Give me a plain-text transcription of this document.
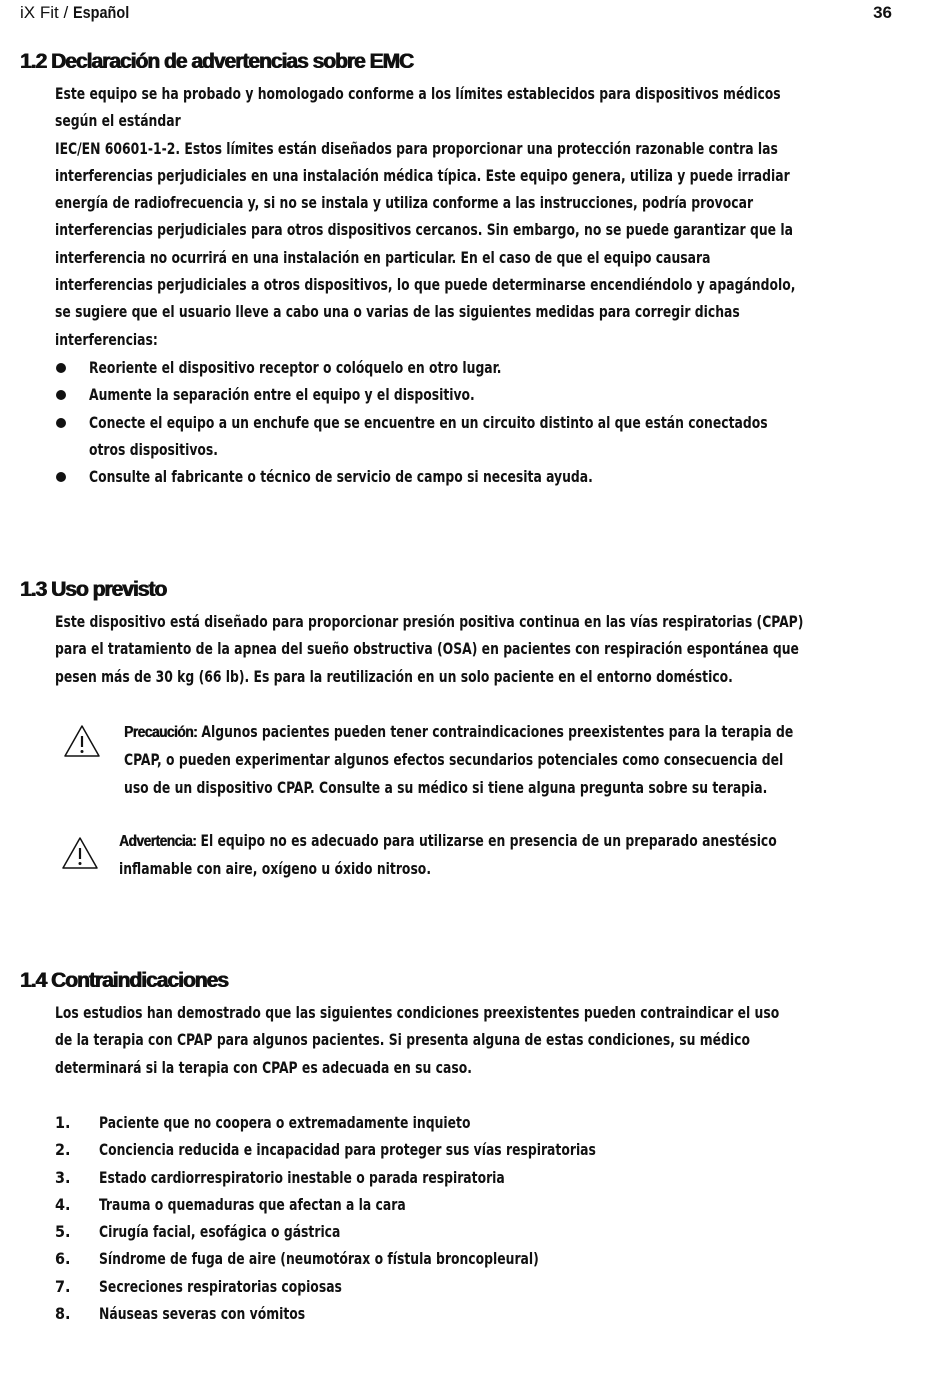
iX Fit / Español	36
1.2 Declaración de advertencias sobre EMC
Este equipo se ha probado y homologado conforme a los límites establecidos para dispositivos médicos
según el estándar
IEC/EN 60601-1-2. Estos límites están diseñados para proporcionar una protección razonable contra las
interferencias perjudiciales en una instalación médica típica. Este equipo genera, utiliza y puede irradiar
energía de radiofrecuencia y, si no se instala y utiliza conforme a las instrucciones, podría provocar
interferencias perjudiciales para otros dispositivos cercanos. Sin embargo, no se puede garantizar que la
interferencia no ocurrirá en una instalación en particular. En el caso de que el equipo causara
interferencias perjudiciales a otros dispositivos, lo que puede determinarse encendiéndolo y apagándolo,
se sugiere que el usuario lleve a cabo una o varias de las siguientes medidas para corregir dichas
interferencias:
Reoriente el dispositivo receptor o colóquelo en otro lugar.
Aumente la separación entre el equipo y el dispositivo.
Conecte el equipo a un enchufe que se encuentre en un circuito distinto al que están conectados
otros dispositivos.
Consulte al fabricante o técnico de servicio de campo si necesita ayuda.
1.3 Uso previsto
Este dispositivo está diseñado para proporcionar presión positiva continua en las vías respiratorias (CPAP)
para el tratamiento de la apnea del sueño obstructiva (OSA) en pacientes con respiración espontánea que
pesen más de 30 kg (66 lb). Es para la reutilización en un solo paciente en el entorno doméstico.
Precaución: Algunos pacientes pueden tener contraindicaciones preexistentes para la terapia de
CPAP, o pueden experimentar algunos efectos secundarios potenciales como consecuencia del
uso de un dispositivo CPAP. Consulte a su médico si tiene alguna pregunta sobre su terapia.
Advertencia: El equipo no es adecuado para utilizarse en presencia de un preparado anestésico
inflamable con aire, oxígeno u óxido nitroso.
1.4 Contraindicaciones
Los estudios han demostrado que las siguientes condiciones preexistentes pueden contraindicar el uso
de la terapia con CPAP para algunos pacientes. Si presenta alguna de estas condiciones, su médico
determinará si la terapia con CPAP es adecuada en su caso.
1. Paciente que no coopera o extremadamente inquieto
2. Conciencia reducida e incapacidad para proteger sus vías respiratorias
3. Estado cardiorrespiratorio inestable o parada respiratoria
4. Trauma o quemaduras que afectan a la cara
5. Cirugía facial, esofágica o gástrica
6. Síndrome de fuga de aire (neumotórax o fístula broncopleural)
7. Secreciones respiratorias copiosas
8. Náuseas severas con vómitos
